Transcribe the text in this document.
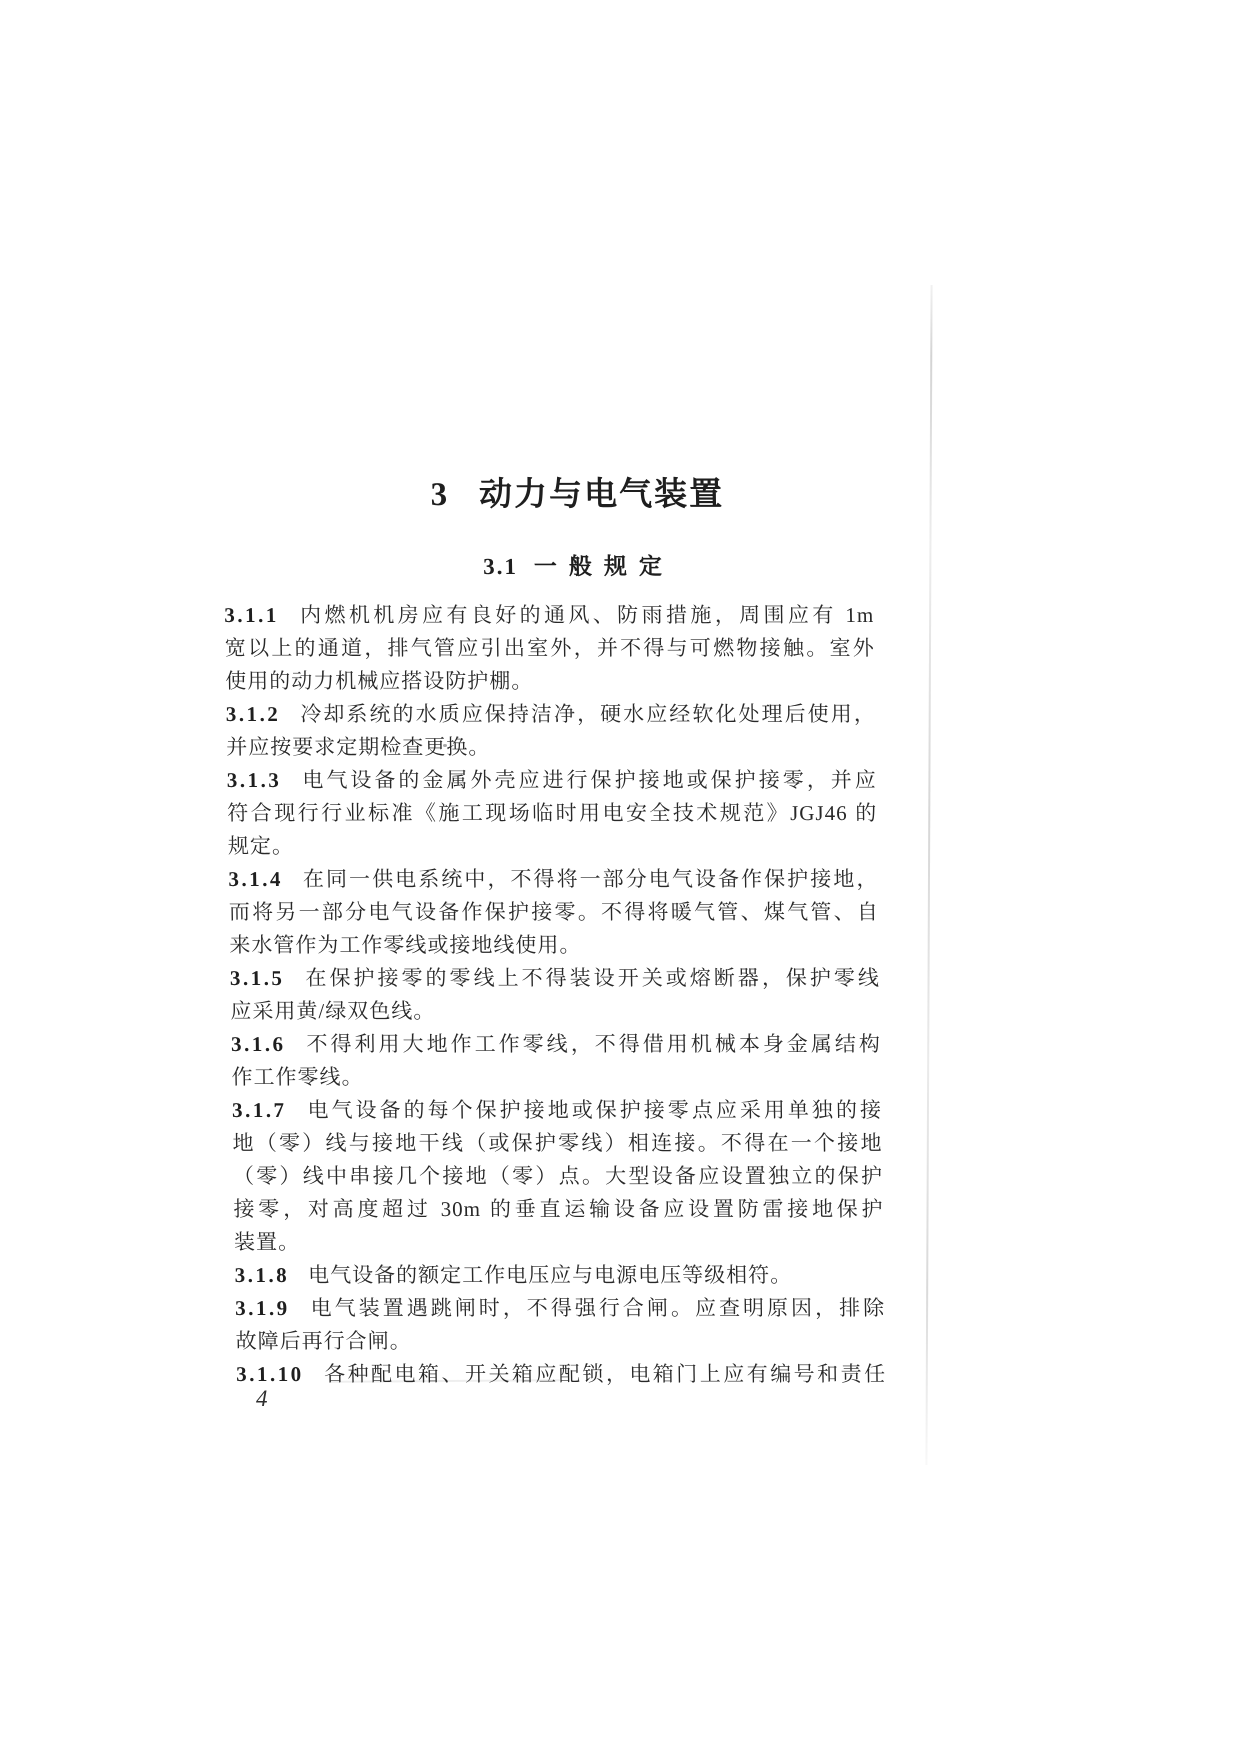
3 动力与电气装置
3.1 一般规定
3.1.1 内燃机机房应有良好的通风、防雨措施，周围应有 1m
宽以上的通道，排气管应引出室外，并不得与可燃物接触。室外
使用的动力机械应搭设防护棚。
3.1.2 冷却系统的水质应保持洁净，硬水应经软化处理后使用，
并应按要求定期检查更换。
3.1.3 电气设备的金属外壳应进行保护接地或保护接零，并应
符合现行行业标准《施工现场临时用电安全技术规范》JGJ46 的
规定。
3.1.4 在同一供电系统中，不得将一部分电气设备作保护接地，
而将另一部分电气设备作保护接零。不得将暖气管、煤气管、自
来水管作为工作零线或接地线使用。
3.1.5 在保护接零的零线上不得装设开关或熔断器，保护零线
应采用黄/绿双色线。
3.1.6 不得利用大地作工作零线，不得借用机械本身金属结构
作工作零线。
3.1.7 电气设备的每个保护接地或保护接零点应采用单独的接
地（零）线与接地干线（或保护零线）相连接。不得在一个接地
（零）线中串接几个接地（零）点。大型设备应设置独立的保护
接零，对高度超过 30m 的垂直运输设备应设置防雷接地保护
装置。
3.1.8 电气设备的额定工作电压应与电源电压等级相符。
3.1.9 电气装置遇跳闸时，不得强行合闸。应查明原因，排除
故障后再行合闸。
3.1.10 各种配电箱、开关箱应配锁，电箱门上应有编号和责任
4
